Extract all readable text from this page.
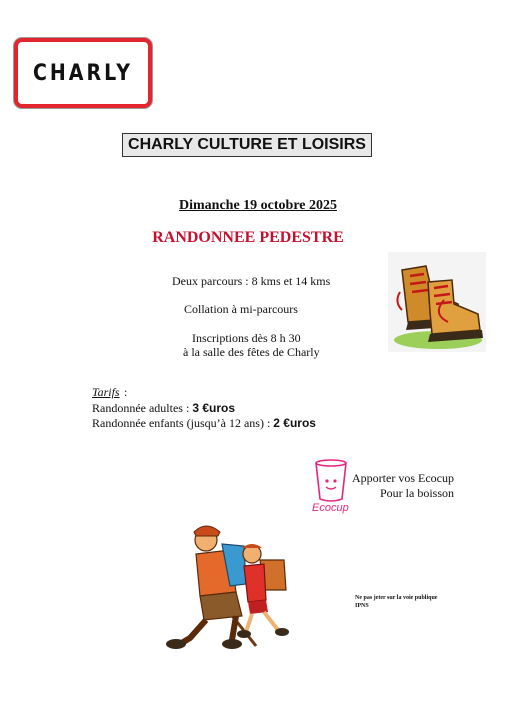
CHARLY
CHARLY CULTURE ET LOISIRS
Dimanche 19 octobre 2025
RANDONNEE PEDESTRE
Deux parcours : 8 kms et 14 kms
Collation à mi-parcours
Inscriptions dès 8 h 30
à la salle des fêtes de Charly
Tarifs :
Randonnée adultes : 3 €uros
Randonnée enfants (jusqu’à 12 ans) : 2 €uros
Ecocup
Apporter vos Ecocup
Pour la boisson
Ne pas jeter sur la voie publique
IPNS
